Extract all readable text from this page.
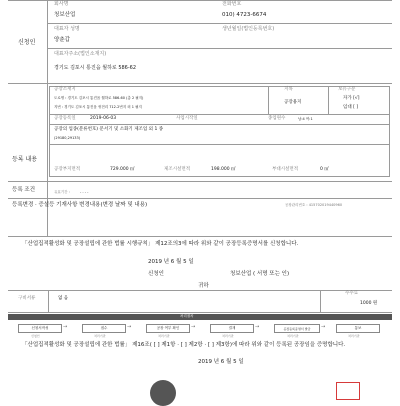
신청인
회사명
청보산업
전화번호
010) 4723-6674
대표자 성명
양춘갑
생년월일(법인등록번호)
대표자주소(법인소재지)
경기도 김포시 통진읍 월하로 586-62
등록 내용
공장소재지
도로명 : 경기도 김포시 통진읍 월하로 586-60 (총 2 필지)
지번 : 경기도 김포시 통진읍 귀전리 712-2번지 외 1 필지
지목
공장용지
보유구분
자가 [√]
임대 [ ]
공장등록일	2019-06-03	사업시작일	종업원수	남:4 여:1
공장의 업종(분류번호) 문서기 및 소화기 제조업 외 1 종
(29180,29133)
공장부지면적	729.000 ㎡	제조시설면적	198.000 ㎡	부대시설면적	0 ㎡
등록 조건	유효기간 :	- - - -
등록변경 · 증설등 기재사항 변경내용(변경 날짜 및 내용)	공장관리번호 : 415702019440960
「산업집적활성화 및 공장설립에 관한 법률 시행규칙」 제12조의3에 따라 위와 같이 공장등록증명서를 신청합니다.
2019 년 6 월 5 일
신청인	청보산업 ( 서명 또는 인)
귀하
수수료
구비서류	없 음
1000 원
처리절차
신청서작성	→	접수	→	공장 여부 확인	→	결재	→	공장등록증명서 발급	→	통보
신청인	처리기관	처리기관	처리기관	처리기관	처리기관
「산업집적활성화 및 공장설립에 관한 법률」 제16조( [ ] 제1항 · [ ] 제2항 · [ ] 제3항)에 따라 위와 같이 등록된 공장임을 증명합니다.
2019 년 6 월 5 일
